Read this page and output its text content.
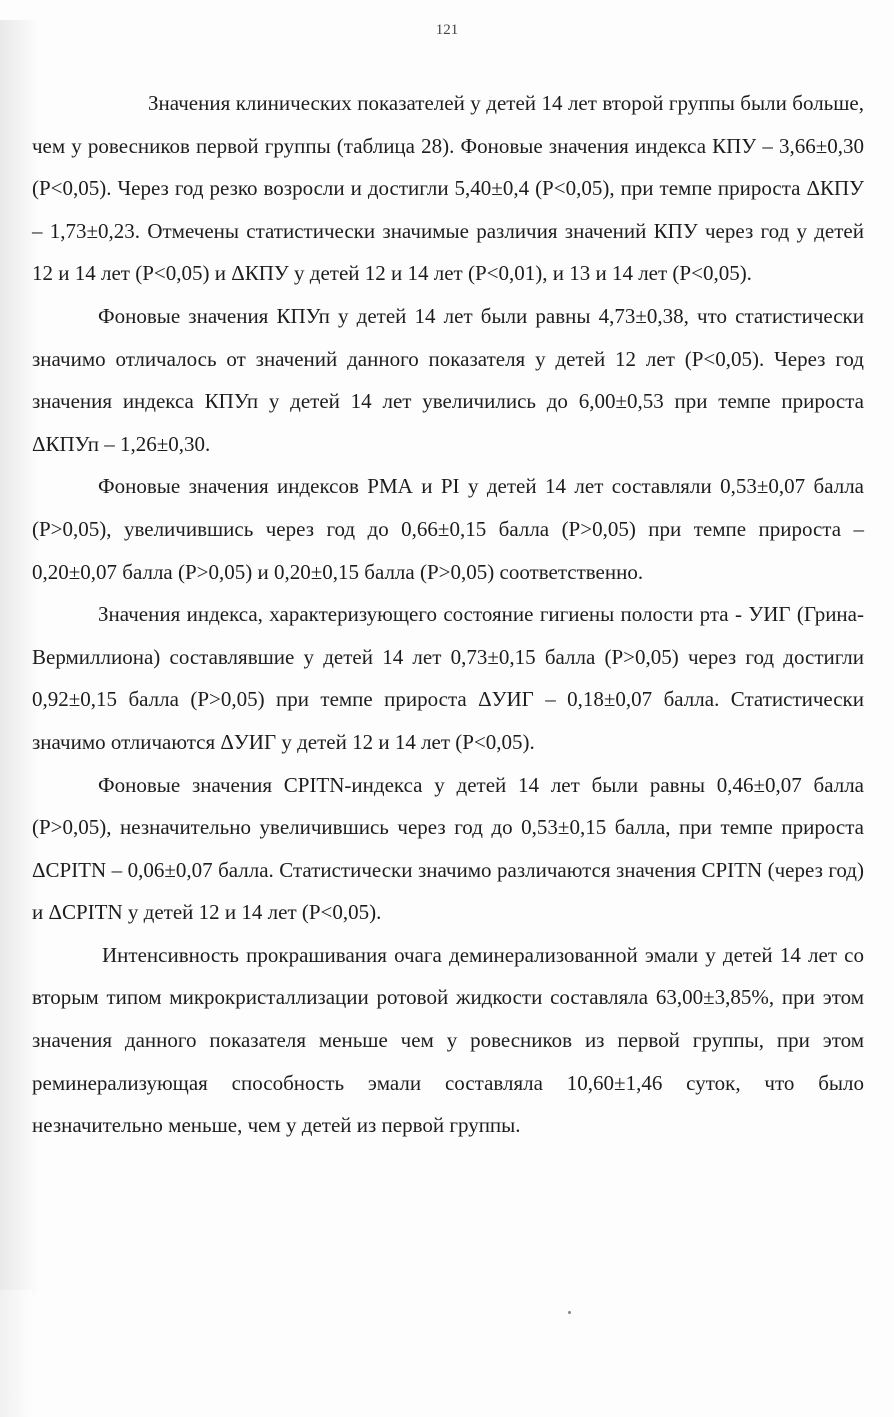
121

Значения клинических показателей у детей 14 лет второй группы были больше, чем у ровесников первой группы (таблица 28). Фоновые значения индекса КПУ – 3,66±0,30 (Р<0,05). Через год резко возросли и достигли 5,40±0,4 (Р<0,05), при темпе прироста ΔКПУ – 1,73±0,23. Отмечены статистически значимые различия значений КПУ через год у детей 12 и 14 лет (Р<0,05) и ΔКПУ у детей 12 и 14 лет (Р<0,01), и 13 и 14 лет (Р<0,05).

Фоновые значения КПУп у детей 14 лет были равны 4,73±0,38, что статистически значимо отличалось от значений данного показателя у детей 12 лет (Р<0,05). Через год значения индекса КПУп у детей 14 лет увеличились до 6,00±0,53 при темпе прироста ΔКПУп – 1,26±0,30.

Фоновые значения индексов РМА и PI у детей 14 лет составляли 0,53±0,07 балла (Р>0,05), увеличившись через год до 0,66±0,15 балла (Р>0,05) при темпе прироста – 0,20±0,07 балла (Р>0,05) и 0,20±0,15 балла (Р>0,05) соответственно.

Значения индекса, характеризующего состояние гигиены полости рта - УИГ (Грина-Вермиллиона) составлявшие у детей 14 лет 0,73±0,15 балла (Р>0,05) через год достигли 0,92±0,15 балла (Р>0,05) при темпе прироста ΔУИГ – 0,18±0,07 балла. Статистически значимо отличаются ΔУИГ у детей 12 и 14 лет (Р<0,05).

Фоновые значения CPITN-индекса у детей 14 лет были равны 0,46±0,07 балла (Р>0,05), незначительно увеличившись через год до 0,53±0,15 балла, при темпе прироста ΔCPITN – 0,06±0,07 балла. Статистически значимо различаются значения CPITN (через год) и ΔCPITN у детей 12 и 14 лет (Р<0,05).

Интенсивность прокрашивания очага деминерализованной эмали у детей 14 лет со вторым типом микрокристаллизации ротовой жидкости составляла 63,00±3,85%, при этом значения данного показателя меньше чем у ровесников из первой группы, при этом реминерализующая способность эмали составляла 10,60±1,46 суток, что было незначительно меньше, чем у детей из первой группы.
